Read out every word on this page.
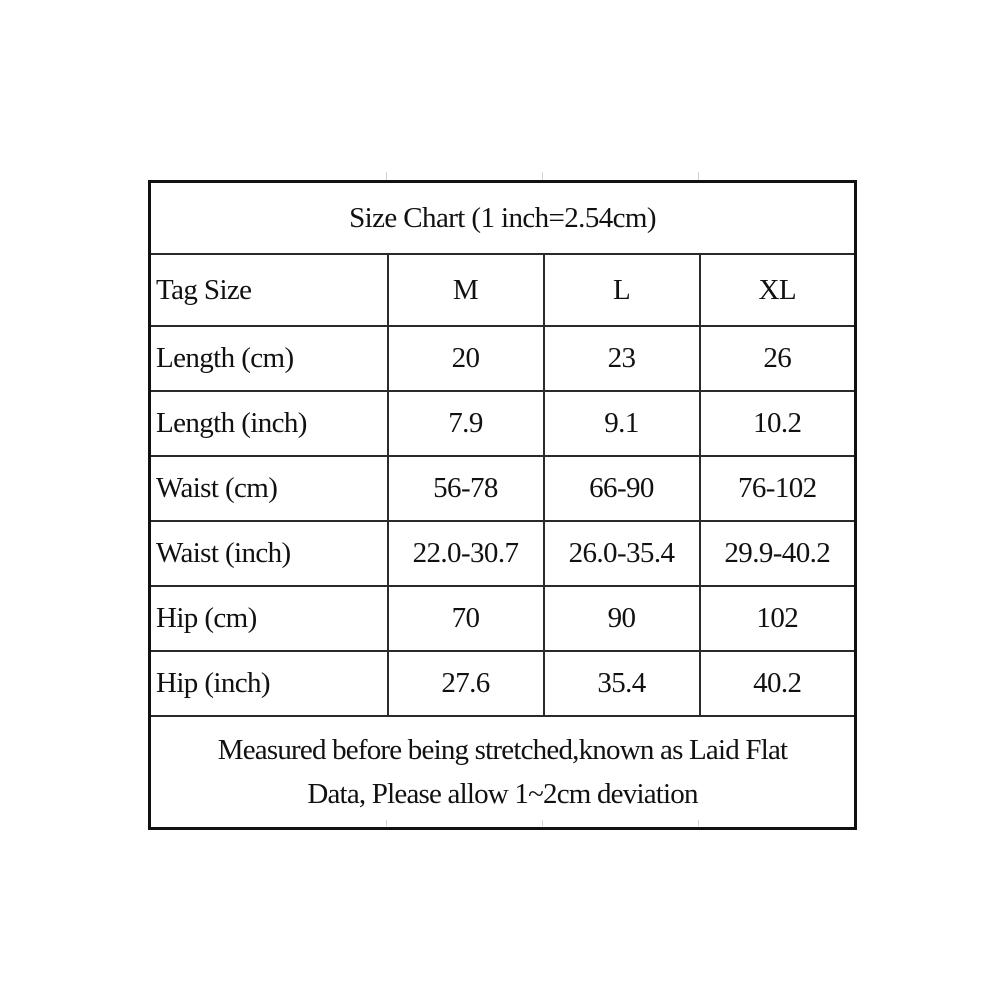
Size Chart (1 inch=2.54cm)			
Tag Size	M	L	XL
Length (cm)	20	23	26
Length (inch)	7.9	9.1	10.2
Waist (cm)	56-78	66-90	76-102
Waist (inch)	22.0-30.7	26.0-35.4	29.9-40.2
Hip (cm)	70	90	102
Hip (inch)	27.6	35.4	40.2

Measured before being stretched,known as Laid Flat
Data, Please allow 1~2cm deviation			
